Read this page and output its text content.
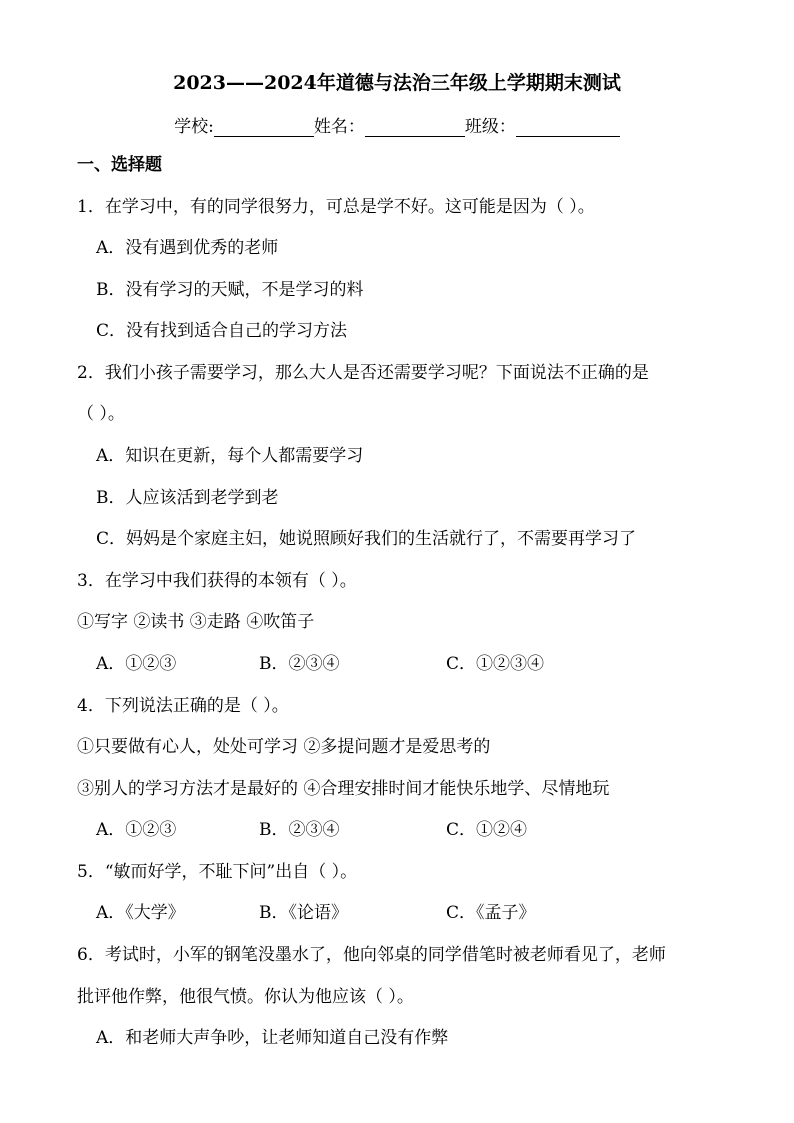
2023——2024年道德与法治三年级上学期期末测试
学校:	姓名：	班级：
一、选择题
1．在学习中，有的同学很努力，可总是学不好。这可能是因为（ ）。
A．没有遇到优秀的老师
B．没有学习的天赋，不是学习的料
C．没有找到适合自己的学习方法
2．我们小孩子需要学习，那么大人是否还需要学习呢？下面说法不正确的是
（ ）。
A．知识在更新，每个人都需要学习
B．人应该活到老学到老
C．妈妈是个家庭主妇，她说照顾好我们的生活就行了，不需要再学习了
3．在学习中我们获得的本领有（ ）。
①写字 ②读书 ③走路 ④吹笛子
A．①②③	B．②③④	C．①②③④
4．下列说法正确的是（ ）。
①只要做有心人，处处可学习 ②多提问题才是爱思考的
③别人的学习方法才是最好的 ④合理安排时间才能快乐地学、尽情地玩
A．①②③	B．②③④	C．①②④
5．“敏而好学，不耻下问”出自（ ）。
A．《大学》	B．《论语》	C．《孟子》
6．考试时，小军的钢笔没墨水了，他向邻桌的同学借笔时被老师看见了，老师
批评他作弊，他很气愤。你认为他应该（ ）。
A．和老师大声争吵，让老师知道自己没有作弊
